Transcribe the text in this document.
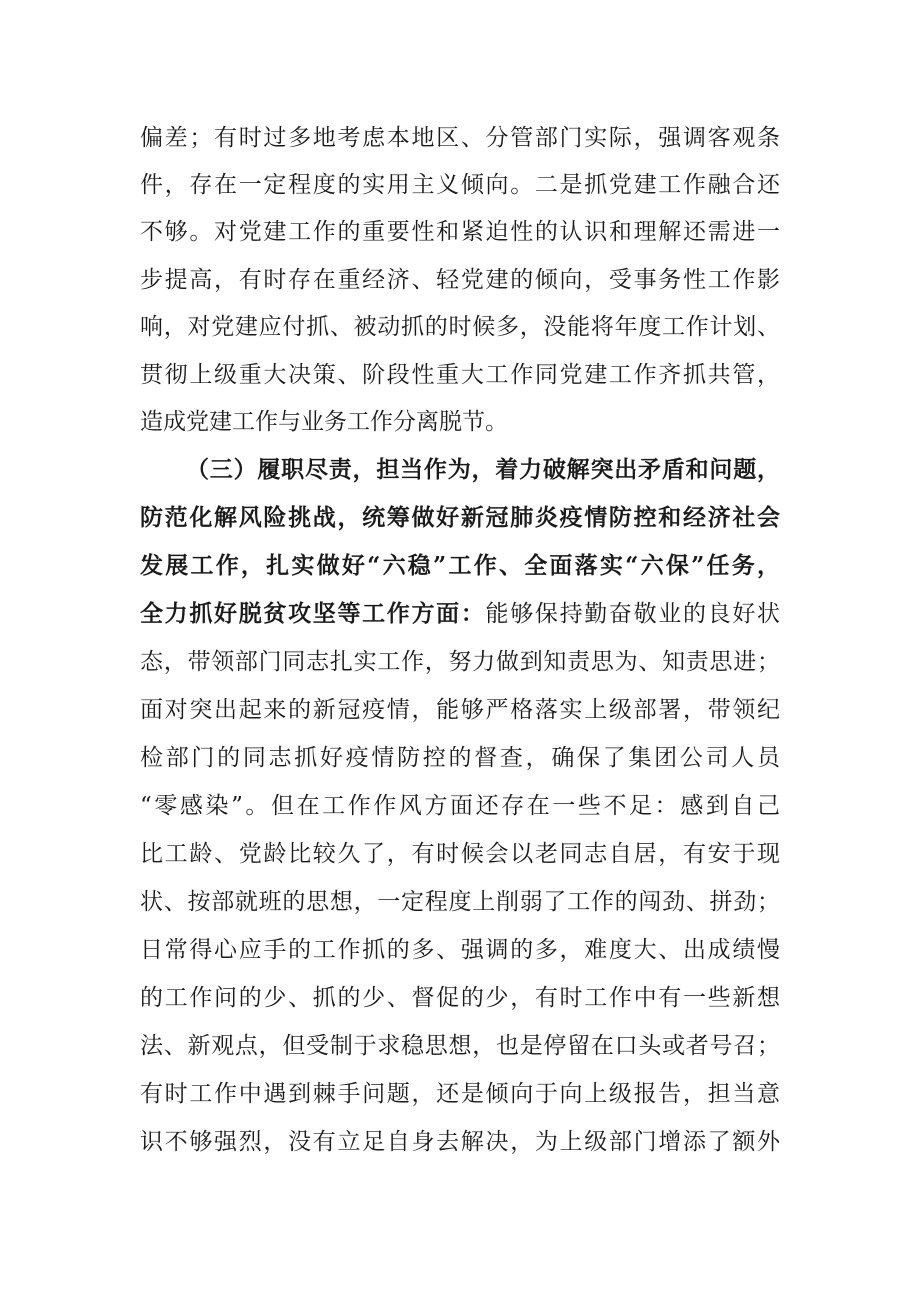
偏差；有时过多地考虑本地区、分管部门实际，强调客观条
件，存在一定程度的实用主义倾向。二是抓党建工作融合还
不够。对党建工作的重要性和紧迫性的认识和理解还需进一
步提高，有时存在重经济、轻党建的倾向，受事务性工作影
响，对党建应付抓、被动抓的时候多，没能将年度工作计划、
贯彻上级重大决策、阶段性重大工作同党建工作齐抓共管，
造成党建工作与业务工作分离脱节。
（三）履职尽责，担当作为，着力破解突出矛盾和问题，
防范化解风险挑战，统筹做好新冠肺炎疫情防控和经济社会
发展工作，扎实做好“六稳”工作、全面落实“六保”任务，
全力抓好脱贫攻坚等工作方面：能够保持勤奋敬业的良好状
态，带领部门同志扎实工作，努力做到知责思为、知责思进；
面对突出起来的新冠疫情，能够严格落实上级部署，带领纪
检部门的同志抓好疫情防控的督查，确保了集团公司人员
“零感染”。但在工作作风方面还存在一些不足：感到自己
比工龄、党龄比较久了，有时候会以老同志自居，有安于现
状、按部就班的思想，一定程度上削弱了工作的闯劲、拼劲；
日常得心应手的工作抓的多、强调的多，难度大、出成绩慢
的工作问的少、抓的少、督促的少，有时工作中有一些新想
法、新观点，但受制于求稳思想，也是停留在口头或者号召；
有时工作中遇到棘手问题，还是倾向于向上级报告，担当意
识不够强烈，没有立足自身去解决，为上级部门增添了额外
